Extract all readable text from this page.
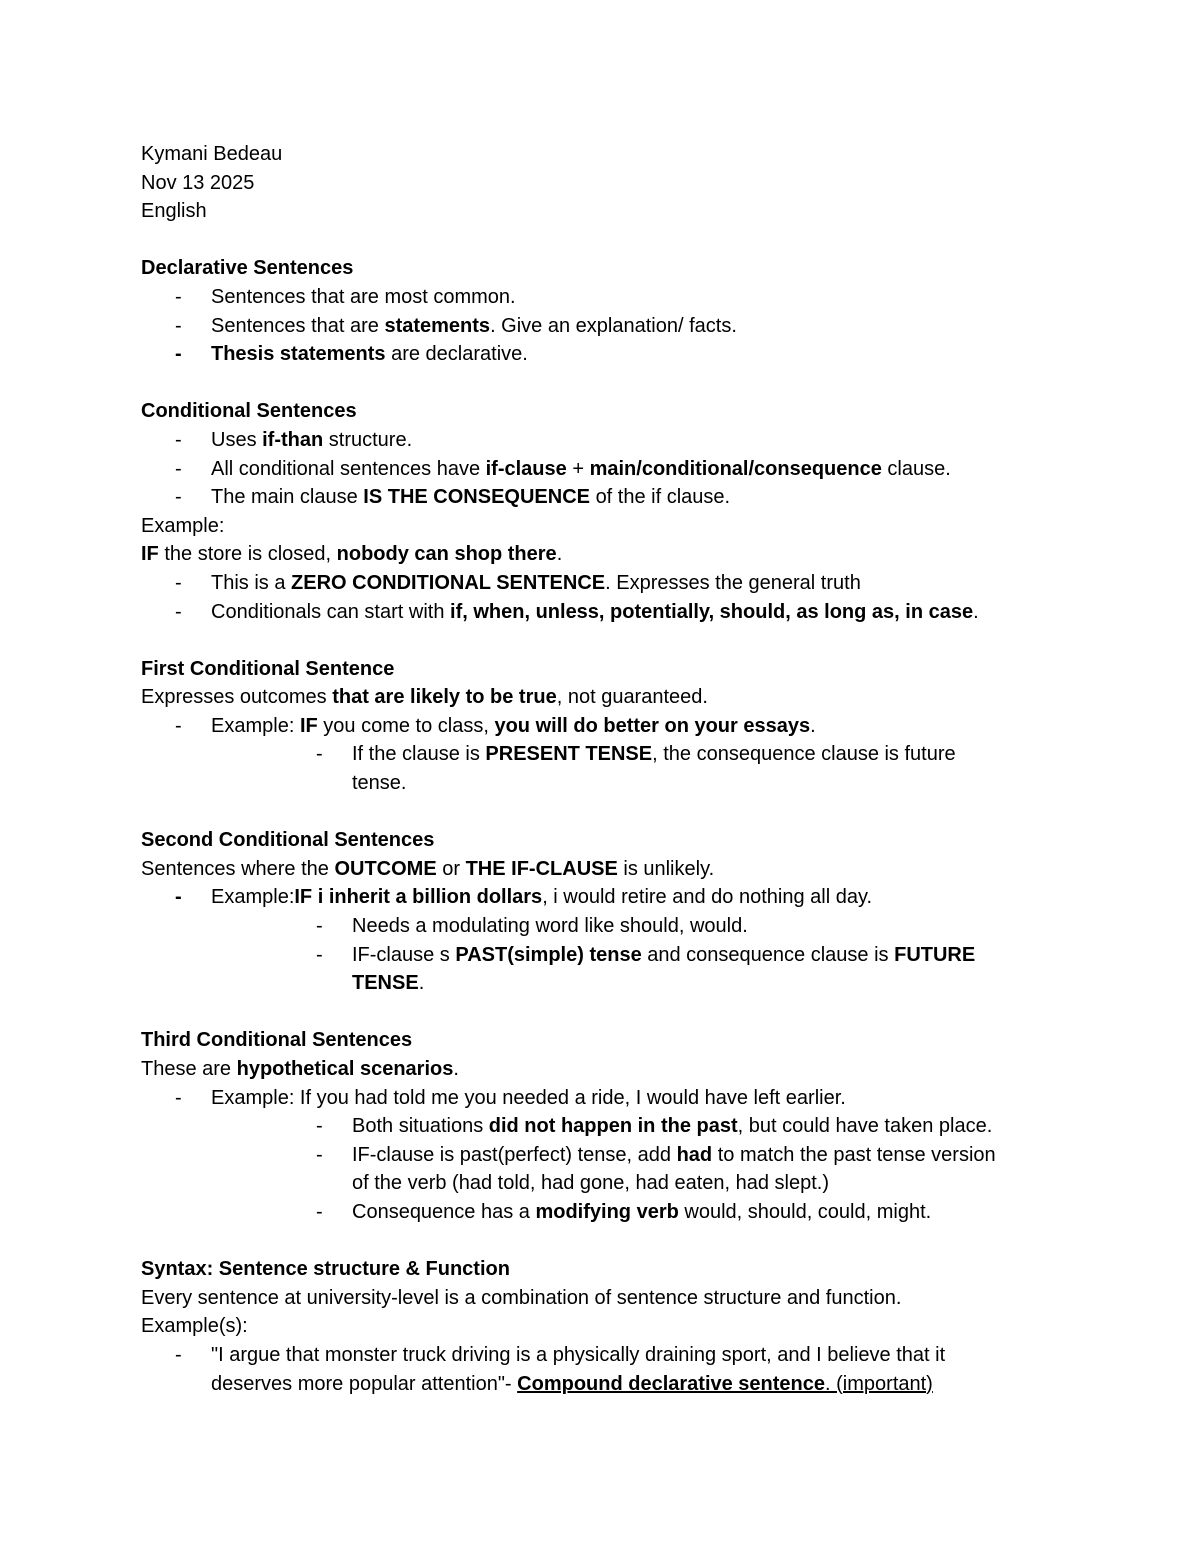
Kymani Bedeau
Nov 13 2025
English
Declarative Sentences
- Sentences that are most common.
- Sentences that are statements. Give an explanation/ facts.
- Thesis statements are declarative.
Conditional Sentences
- Uses if-than structure.
- All conditional sentences have if-clause + main/conditional/consequence clause.
- The main clause IS THE CONSEQUENCE of the if clause.
Example:
IF the store is closed, nobody can shop there.
- This is a ZERO CONDITIONAL SENTENCE. Expresses the general truth
- Conditionals can start with if, when, unless, potentially, should, as long as, in case.
First Conditional Sentence
Expresses outcomes that are likely to be true, not guaranteed.
- Example: IF you come to class, you will do better on your essays.
- If the clause is PRESENT TENSE, the consequence clause is future
tense.
Second Conditional Sentences
Sentences where the OUTCOME or THE IF-CLAUSE is unlikely.
- Example:IF i inherit a billion dollars, i would retire and do nothing all day.
- Needs a modulating word like should, would.
- IF-clause s PAST(simple) tense and consequence clause is FUTURE
TENSE.
Third Conditional Sentences
These are hypothetical scenarios.
- Example: If you had told me you needed a ride, I would have left earlier.
- Both situations did not happen in the past, but could have taken place.
- IF-clause is past(perfect) tense, add had to match the past tense version
of the verb (had told, had gone, had eaten, had slept.)
- Consequence has a modifying verb would, should, could, might.
Syntax: Sentence structure & Function
Every sentence at university-level is a combination of sentence structure and function.
Example(s):
- "I argue that monster truck driving is a physically draining sport, and I believe that it
deserves more popular attention"- Compound declarative sentence. (important)
